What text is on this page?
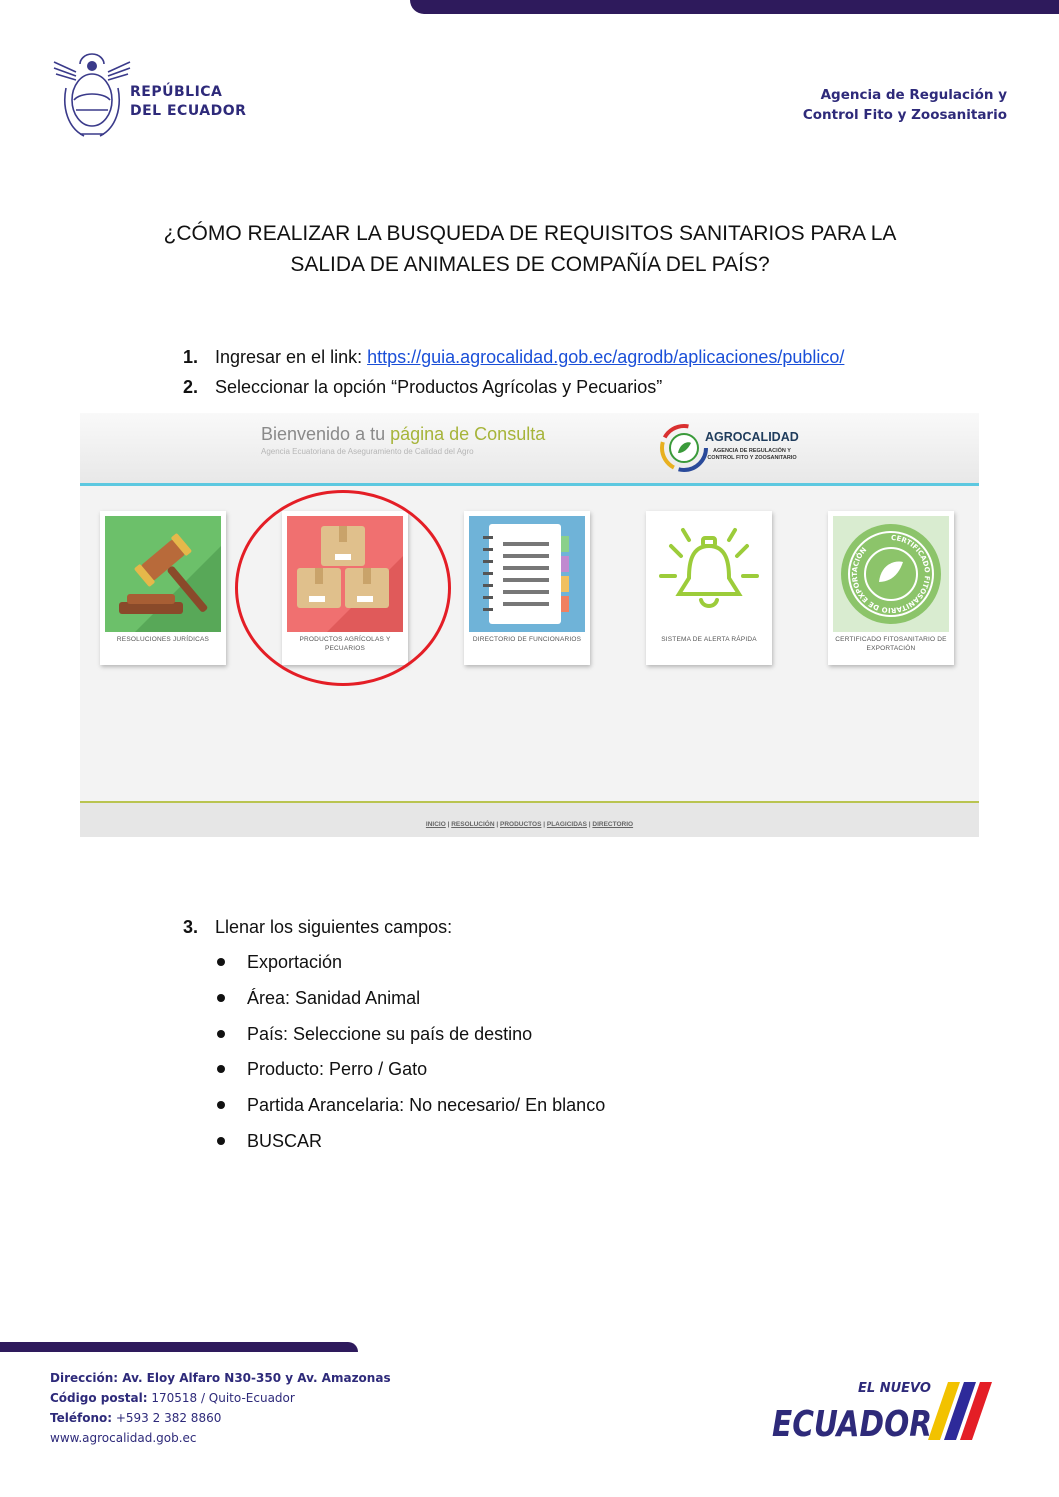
REPÚBLICA
DEL ECUADOR
Agencia de Regulación y
Control Fito y Zoosanitario
¿CÓMO REALIZAR LA BUSQUEDA DE REQUISITOS SANITARIOS PARA LA
SALIDA DE ANIMALES DE COMPAÑÍA DEL PAÍS?
1. Ingresar en el link: https://guia.agrocalidad.gob.ec/agrodb/aplicaciones/publico/
2. Seleccionar la opción “Productos Agrícolas y Pecuarios”
Bienvenido a tu página de Consulta
Agencia Ecuatoriana de Aseguramiento de Calidad del Agro
AGROCALIDAD
AGENCIA DE REGULACIÓN Y CONTROL FITO Y ZOOSANITARIO
RESOLUCIONES JURÍDICAS	PRODUCTOS AGRÍCOLAS Y PECUARIOS
DIRECTORIO DE FUNCIONARIOS	SISTEMA DE ALERTA RÁPIDA
CERTIFICADO FITOSANITARIO DE EXPORTACIÓN
CERTIFICADO FITOSANITARIO DE EXPORTACIÓN
INICIO | RESOLUCIÓN | PRODUCTOS | PLAGICIDAS | DIRECTORIO
3. Llenar los siguientes campos:
Exportación
Área: Sanidad Animal
País: Seleccione su país de destino
Producto: Perro / Gato
Partida Arancelaria: No necesario/ En blanco
BUSCAR
Dirección: Av. Eloy Alfaro N30-350 y Av. Amazonas
Código postal: 170518 / Quito-Ecuador
Teléfono: +593 2 382 8860
www.agrocalidad.gob.ec
EL NUEVO
ECUADOR
